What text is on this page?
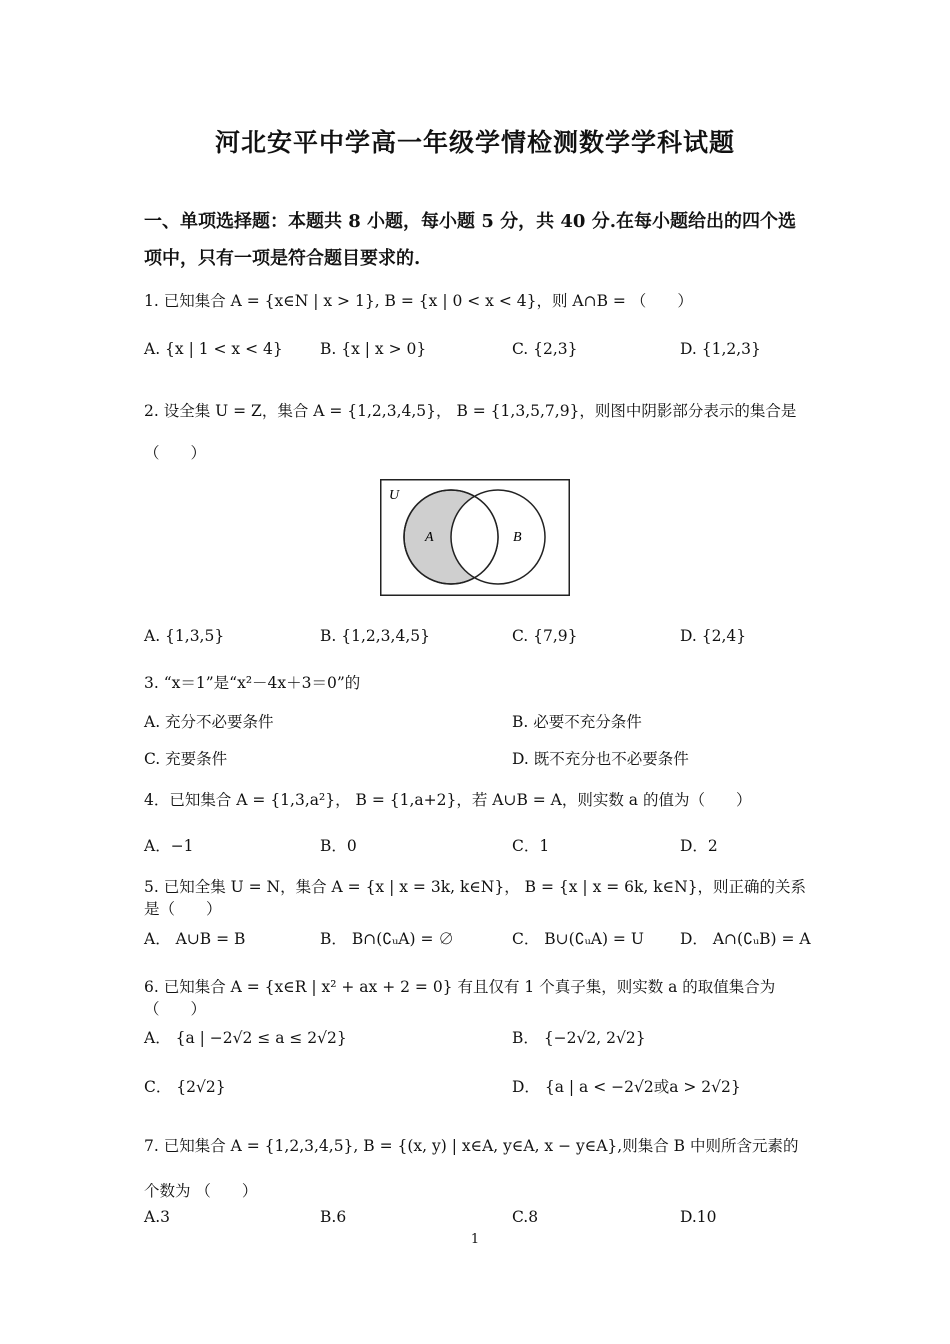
河北安平中学高一年级学情检测数学学科试题
一、单项选择题：本题共 8 小题，每小题 5 分，共 40 分.在每小题给出的四个选项中，只有一项是符合题目要求的.
1. 已知集合 A = {x∈N | x > 1}, B = {x | 0 < x < 4}，则 A∩B = （　　）
A. {x | 1 < x < 4} B. {x | x > 0}	C. {2,3}	D. {1,2,3}
2. 设全集 U = Z，集合 A = {1,2,3,4,5}， B = {1,3,5,7,9}，则图中阴影部分表示的集合是（　　）
U
A	B
A. {1,3,5}	B. {1,2,3,4,5}	C. {7,9}	D. {2,4}
3. “x＝1”是“x²－4x＋3＝0”的
A. 充分不必要条件	B. 必要不充分条件
C. 充要条件	D. 既不充分也不必要条件
4．已知集合 A = {1,3,a²}， B = {1,a+2}，若 A∪B = A，则实数 a 的值为（　　）
A．−1	B．0	C．1	D．2
5. 已知全集 U = N，集合 A = {x | x = 3k, k∈N}， B = {x | x = 6k, k∈N}，则正确的关系是（　　）
A． A∪B = B	B． B∩(∁ᵤA) = ∅	C． B∪(∁ᵤA) = U D． A∩(∁ᵤB) = A
6. 已知集合 A = {x∈R | x² + ax + 2 = 0} 有且仅有 1 个真子集，则实数 a 的取值集合为（　　）
A． {a | −2√2 ≤ a ≤ 2√2}	B． {−2√2, 2√2}
C． {2√2}	D． {a | a < −2√2或a > 2√2}
7. 已知集合 A = {1,2,3,4,5}, B = {(x, y) | x∈A, y∈A, x − y∈A},则集合 B 中则所含元素的个数为 （　　）
A.3	B.6	C.8	D.10
1
